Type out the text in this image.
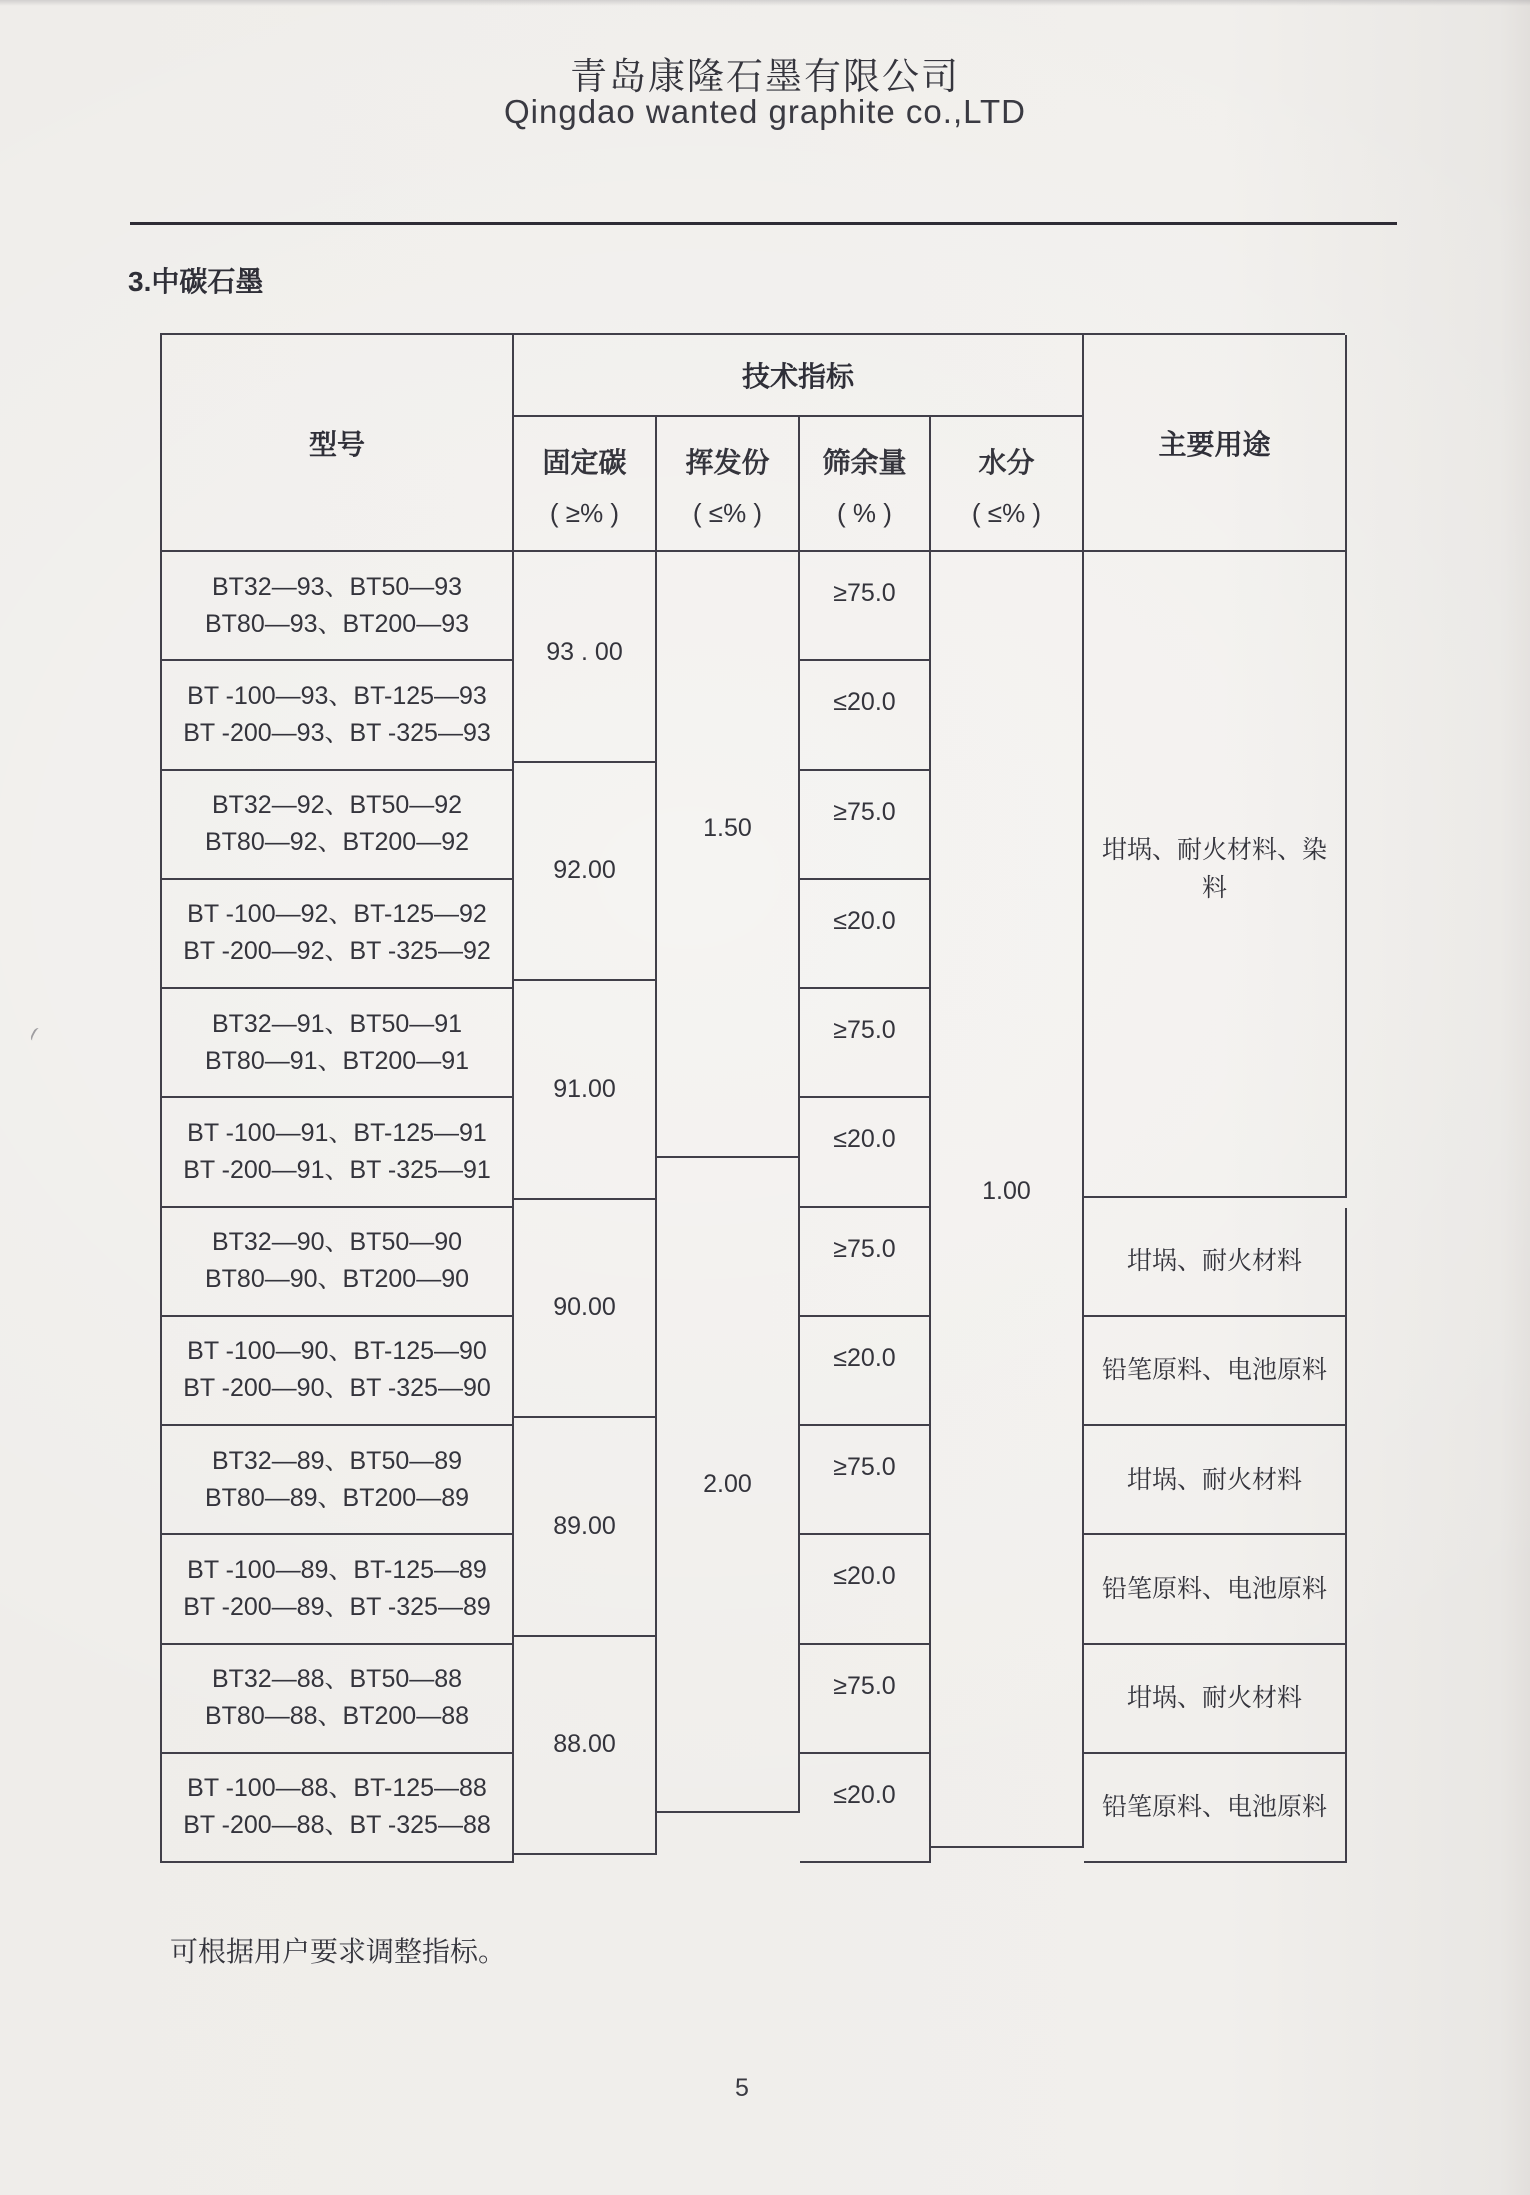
青岛康隆石墨有限公司
Qingdao wanted graphite co.,LTD
3.中碳石墨
型号
技术指标
主要用途
固定碳
( ≥% )
挥发份
( ≤% )
筛余量
( % )
水分
( ≤% )
BT32—93、BT50—93
BT80—93、BT200—93
BT -100—93、BT-125—93
BT -200—93、BT -325—93
BT32—92、BT50—92
BT80—92、BT200—92
BT -100—92、BT-125—92
BT -200—92、BT -325—92
BT32—91、BT50—91
BT80—91、BT200—91
BT -100—91、BT-125—91
BT -200—91、BT -325—91
BT32—90、BT50—90
BT80—90、BT200—90
BT -100—90、BT-125—90
BT -200—90、BT -325—90
BT32—89、BT50—89
BT80—89、BT200—89
BT -100—89、BT-125—89
BT -200—89、BT -325—89
BT32—88、BT50—88
BT80—88、BT200—88
BT -100—88、BT-125—88
BT -200—88、BT -325—88
93 . 00
92.00
91.00
90.00
89.00
88.00
1.50
2.00
≥75.0
≤20.0
≥75.0
≤20.0
≥75.0
≤20.0
≥75.0
≤20.0
≥75.0
≤20.0
≥75.0
≤20.0
1.00
坩埚、耐火材料、染料
坩埚、耐火材料
铅笔原料、电池原料
坩埚、耐火材料
铅笔原料、电池原料
坩埚、耐火材料
铅笔原料、电池原料
可根据用户要求调整指标。
5
